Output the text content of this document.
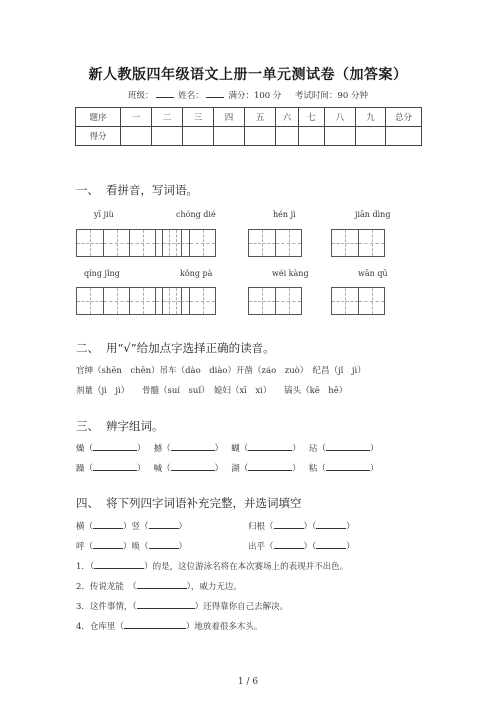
新人教版四年级语文上册一单元测试卷（加答案）
班级：	姓名：	满分：100 分 考试时间：90 分钟
题序	一	二	三	四	五	六	七	八	九	总分
得分										
一、 看拼音，写词语。
yī jiù	chóng dié	hén jì	jiān dìng
qíng jǐng	kǒng pà	wéi kàng	wān qū
二、 用“√”给加点字选择正确的读音。
官绅（shēn　chēn）吊车（dào　diào）开凿（záo　zuò）　纪昌（jǐ　jì）
剂量（jì　jì）　　骨髓（suí　suǐ）　媳妇（xī　xì）　　镐头（kē　hē）
三、 辨字组词。
燥（	） 撼（	） 蝴（	） 玷（	）
躁（	） 喊（	） 湖（	） 粘（	）
四、 将下列四字词语补充完整，并选词填空
横（	）竖（	）	归根（	）（	）
呼（	）唤（	）	出乎（	）（	）
1．（	）的是，这位游泳名将在本次赛场上的表现并不出色。
2．传说龙能　（	），威力无边。
3．这件事情，（	）还得靠你自己去解决。
4．仓库里（	）地放着很多木头。
1 / 6
